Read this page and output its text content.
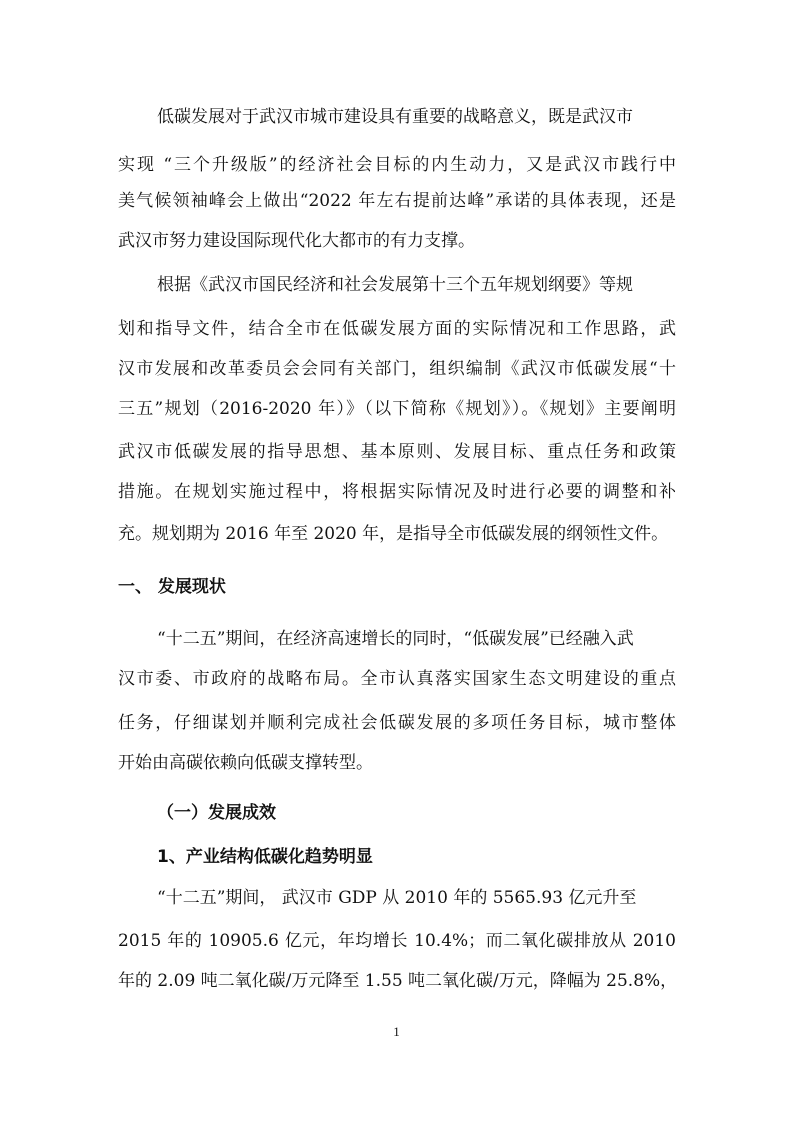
低碳发展对于武汉市城市建设具有重要的战略意义，既是武汉市
实现 “三个升级版”的经济社会目标的内生动力，又是武汉市践行中
美气候领袖峰会上做出“2022 年左右提前达峰”承诺的具体表现，还是
武汉市努力建设国际现代化大都市的有力支撑。
根据《武汉市国民经济和社会发展第十三个五年规划纲要》等规
划和指导文件，结合全市在低碳发展方面的实际情况和工作思路，武
汉市发展和改革委员会会同有关部门，组织编制《武汉市低碳发展“十
三五”规划（2016-2020 年）》（以下简称《规划》）。《规划》主要阐明
武汉市低碳发展的指导思想、基本原则、发展目标、重点任务和政策
措施。在规划实施过程中，将根据实际情况及时进行必要的调整和补
充。规划期为 2016 年至 2020 年，是指导全市低碳发展的纲领性文件。
一、 发展现状
“十二五”期间，在经济高速增长的同时，“低碳发展”已经融入武
汉市委、市政府的战略布局。全市认真落实国家生态文明建设的重点
任务，仔细谋划并顺利完成社会低碳发展的多项任务目标，城市整体
开始由高碳依赖向低碳支撑转型。
（一）发展成效
1、产业结构低碳化趋势明显
“十二五”期间， 武汉市 GDP 从 2010 年的 5565.93 亿元升至
2015 年的 10905.6 亿元，年均增长 10.4%；而二氧化碳排放从 2010
年的 2.09 吨二氧化碳/万元降至 1.55 吨二氧化碳/万元，降幅为 25.8%，
1
